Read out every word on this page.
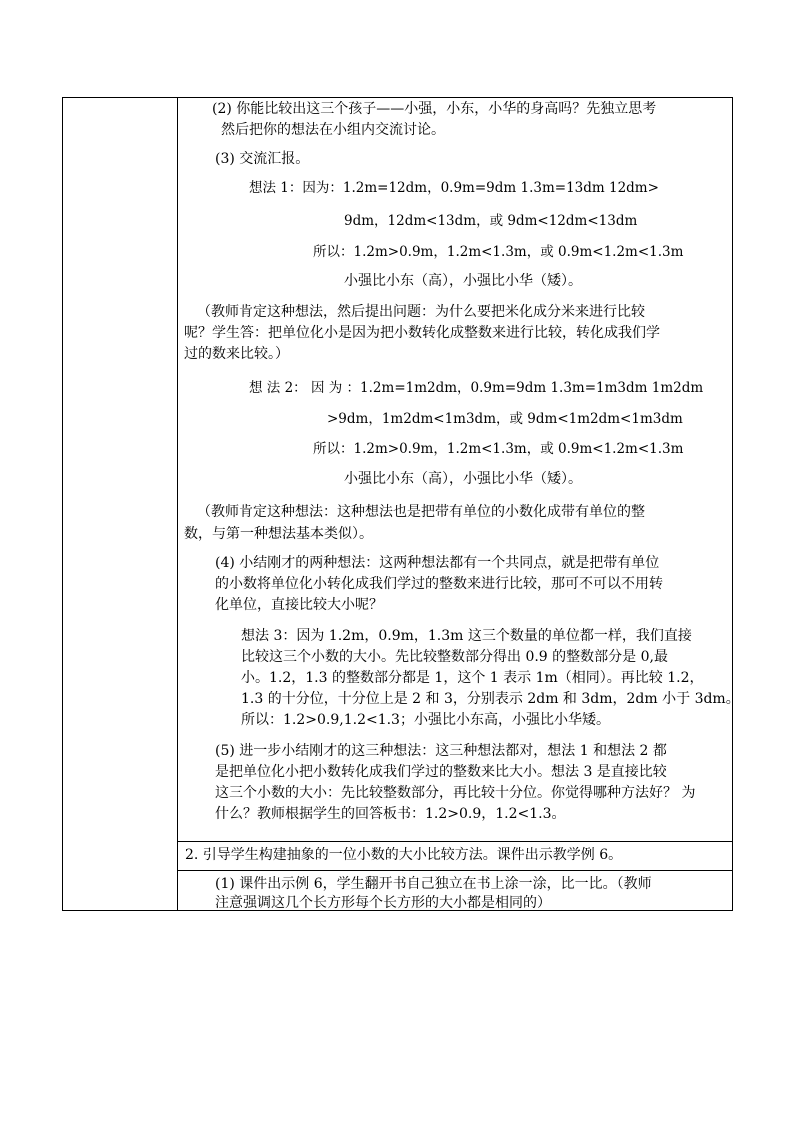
(2) 你能比较出这三个孩子——小强，小东，小华的身高吗？先独立思考
然后把你的想法在小组内交流讨论。
(3) 交流汇报。
想法 1：因为：1.2m=12dm，0.9m=9dm 1.3m=13dm 12dm>
9dm，12dm<13dm，或 9dm<12dm<13dm
所以：1.2m>0.9m，1.2m<1.3m，或 0.9m<1.2m<1.3m
小强比小东（高），小强比小华（矮）。
（教师肯定这种想法，然后提出问题：为什么要把米化成分米来进行比较
呢？学生答：把单位化小是因为把小数转化成整数来进行比较，转化成我们学
过的数来比较。）
想 法 2： 因 为 ：1.2m=1m2dm，0.9m=9dm 1.3m=1m3dm 1m2dm
>9dm，1m2dm<1m3dm，或 9dm<1m2dm<1m3dm
所以：1.2m>0.9m，1.2m<1.3m，或 0.9m<1.2m<1.3m
小强比小东（高），小强比小华（矮）。
（教师肯定这种想法：这种想法也是把带有单位的小数化成带有单位的整
数，与第一种想法基本类似）。
(4) 小结刚才的两种想法：这两种想法都有一个共同点，就是把带有单位
的小数将单位化小转化成我们学过的整数来进行比较，那可不可以不用转
化单位，直接比较大小呢？
想法 3：因为 1.2m，0.9m，1.3m 这三个数量的单位都一样，我们直接
比较这三个小数的大小。先比较整数部分得出 0.9 的整数部分是 0,最
小。1.2，1.3 的整数部分都是 1，这个 1 表示 1m（相同）。再比较 1.2，
1.3 的十分位，十分位上是 2 和 3，分别表示 2dm 和 3dm，2dm 小于 3dm。
所以：1.2>0.9,1.2<1.3；小强比小东高，小强比小华矮。
(5) 进一步小结刚才的这三种想法：这三种想法都对，想法 1 和想法 2 都
是把单位化小把小数转化成我们学过的整数来比大小。想法 3 是直接比较
这三个小数的大小：先比较整数部分，再比较十分位。你觉得哪种方法好？ 为
什么？教师根据学生的回答板书：1.2>0.9，1.2<1.3。
2. 引导学生构建抽象的一位小数的大小比较方法。课件出示教学例 6。
(1) 课件出示例 6，学生翻开书自己独立在书上涂一涂，比一比。（教师
注意强调这几个长方形每个长方形的大小都是相同的）
